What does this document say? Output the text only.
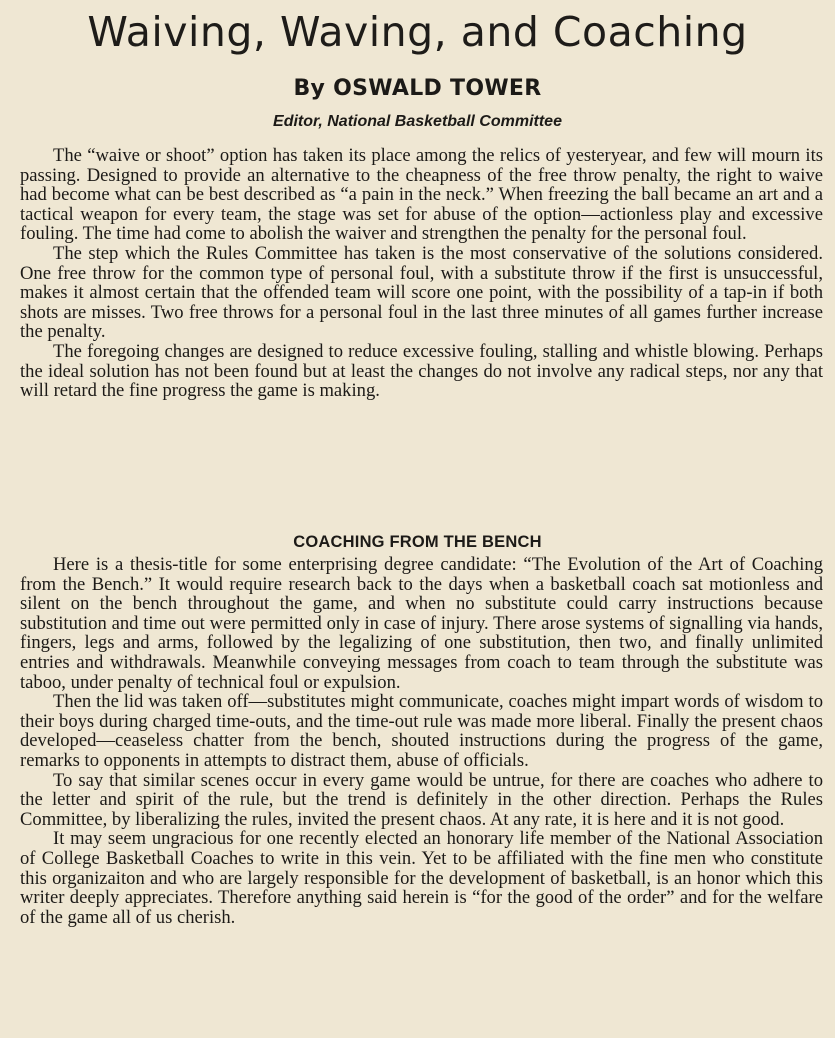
Waiving, Waving, and Coaching
By OSWALD TOWER
Editor, National Basketball Committee

The “waive or shoot” option has taken its place among the relics of yesteryear, and few will mourn its passing. Designed to provide an alternative to the cheapness of the free throw penalty, the right to waive had become what can be best described as “a pain in the neck.” When freezing the ball became an art and a tactical weapon for every team, the stage was set for abuse of the option—actionless play and excessive fouling. The time had come to abolish the waiver and strengthen the penalty for the personal foul.

The step which the Rules Committee has taken is the most conservative of the solutions considered. One free throw for the common type of personal foul, with a substitute throw if the first is unsuccessful, makes it almost certain that the offended team will score one point, with the possibility of a tap-in if both shots are misses. Two free throws for a personal foul in the last three minutes of all games further increase the penalty.

The foregoing changes are designed to reduce excessive fouling, stalling and whistle blowing. Perhaps the ideal solution has not been found but at least the changes do not involve any radical steps, nor any that will retard the fine progress the game is making.

COACHING FROM THE BENCH

Here is a thesis-title for some enterprising degree candidate: “The Evolution of the Art of Coaching from the Bench.” It would require research back to the days when a basketball coach sat motionless and silent on the bench throughout the game, and when no substitute could carry instructions because substitution and time out were permitted only in case of injury. There arose systems of signalling via hands, fingers, legs and arms, followed by the legalizing of one substitution, then two, and finally unlimited entries and withdrawals. Meanwhile conveying messages from coach to team through the substitute was taboo, under penalty of technical foul or expulsion.

Then the lid was taken off—substitutes might communicate, coaches might impart words of wisdom to their boys during charged time-outs, and the time-out rule was made more liberal. Finally the present chaos developed—ceaseless chatter from the bench, shouted instructions during the progress of the game, remarks to opponents in attempts to distract them, abuse of officials.

To say that similar scenes occur in every game would be untrue, for there are coaches who adhere to the letter and spirit of the rule, but the trend is definitely in the other direction. Perhaps the Rules Committee, by liberalizing the rules, invited the present chaos. At any rate, it is here and it is not good.

It may seem ungracious for one recently elected an honorary life member of the National Association of College Basketball Coaches to write in this vein. Yet to be affiliated with the fine men who constitute this organizaiton and who are largely responsible for the development of basketball, is an honor which this writer deeply appreciates. Therefore anything said herein is “for the good of the order” and for the welfare of the game all of us cherish.
